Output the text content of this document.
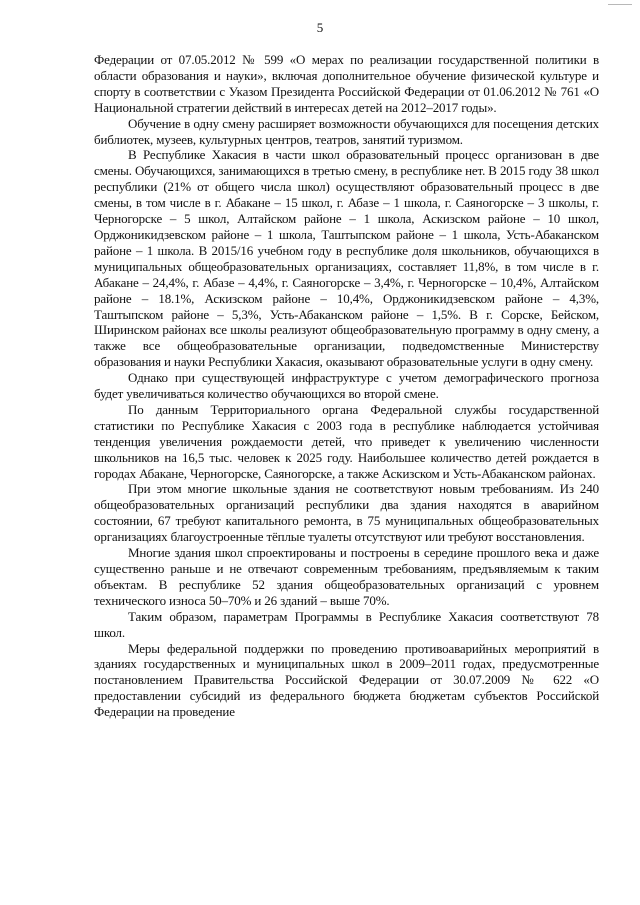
5

Федерации от 07.05.2012 № 599 «О мерах по реализации государственной политики в области образования и науки», включая дополнительное обучение физической культуре и спорту в соответствии с Указом Президента Российской Федерации от 01.06.2012 № 761 «О Национальной стратегии действий в интересах детей на 2012–2017 годы».

Обучение в одну смену расширяет возможности обучающихся для посещения детских библиотек, музеев, культурных центров, театров, занятий туризмом.

В Республике Хакасия в части школ образовательный процесс организован в две смены. Обучающихся, занимающихся в третью смену, в республике нет. В 2015 году 38 школ республики (21% от общего числа школ) осуществляют образовательный процесс в две смены, в том числе в г. Абакане – 15 школ, г. Абазе – 1 школа, г. Саяногорске – 3 школы, г. Черногорске – 5 школ, Алтайском районе – 1 школа, Аскизском районе – 10 школ, Орджоникидзевском районе – 1 школа, Таштыпском районе – 1 школа, Усть-Абаканском районе – 1 школа. В 2015/16 учебном году в республике доля школьников, обучающихся в муниципальных общеобразовательных организациях, составляет 11,8%, в том числе в г. Абакане – 24,4%, г. Абазе – 4,4%, г. Саяногорске – 3,4%, г. Черногорске – 10,4%, Алтайском районе – 18.1%, Аскизском районе – 10,4%, Орджоникидзевском районе – 4,3%, Таштыпском районе – 5,3%, Усть-Абаканском районе – 1,5%. В г. Сорске, Бейском, Ширинском районах все школы реализуют общеобразовательную программу в одну смену, а также все общеобразовательные организации, подведомственные Министерству образования и науки Республики Хакасия, оказывают образовательные услуги в одну смену.

Однако при существующей инфраструктуре с учетом демографического прогноза будет увеличиваться количество обучающихся во второй смене.

По данным Территориального органа Федеральной службы государственной статистики по Республике Хакасия с 2003 года в республике наблюдается устойчивая тенденция увеличения рождаемости детей, что приведет к увеличению численности школьников на 16,5 тыс. человек к 2025 году. Наибольшее количество детей рождается в городах Абакане, Черногорске, Саяногорске, а также Аскизском и Усть-Абаканском районах.

При этом многие школьные здания не соответствуют новым требованиям. Из 240 общеобразовательных организаций республики два здания находятся в аварийном состоянии, 67 требуют капитального ремонта, в 75 муниципальных общеобразовательных организациях благоустроенные тёплые туалеты отсутствуют или требуют восстановления.

Многие здания школ спроектированы и построены в середине прошлого века и даже существенно раньше и не отвечают современным требованиям, предъявляемым к таким объектам. В республике 52 здания общеобразовательных организаций с уровнем технического износа 50–70% и 26 зданий – выше 70%.

Таким образом, параметрам Программы в Республике Хакасия соответствуют 78 школ.

Меры федеральной поддержки по проведению противоаварийных мероприятий в зданиях государственных и муниципальных школ в 2009–2011 годах, предусмотренные постановлением Правительства Российской Федерации от 30.07.2009 № 622 «О предоставлении субсидий из федерального бюджета бюджетам субъектов Российской Федерации на проведение
